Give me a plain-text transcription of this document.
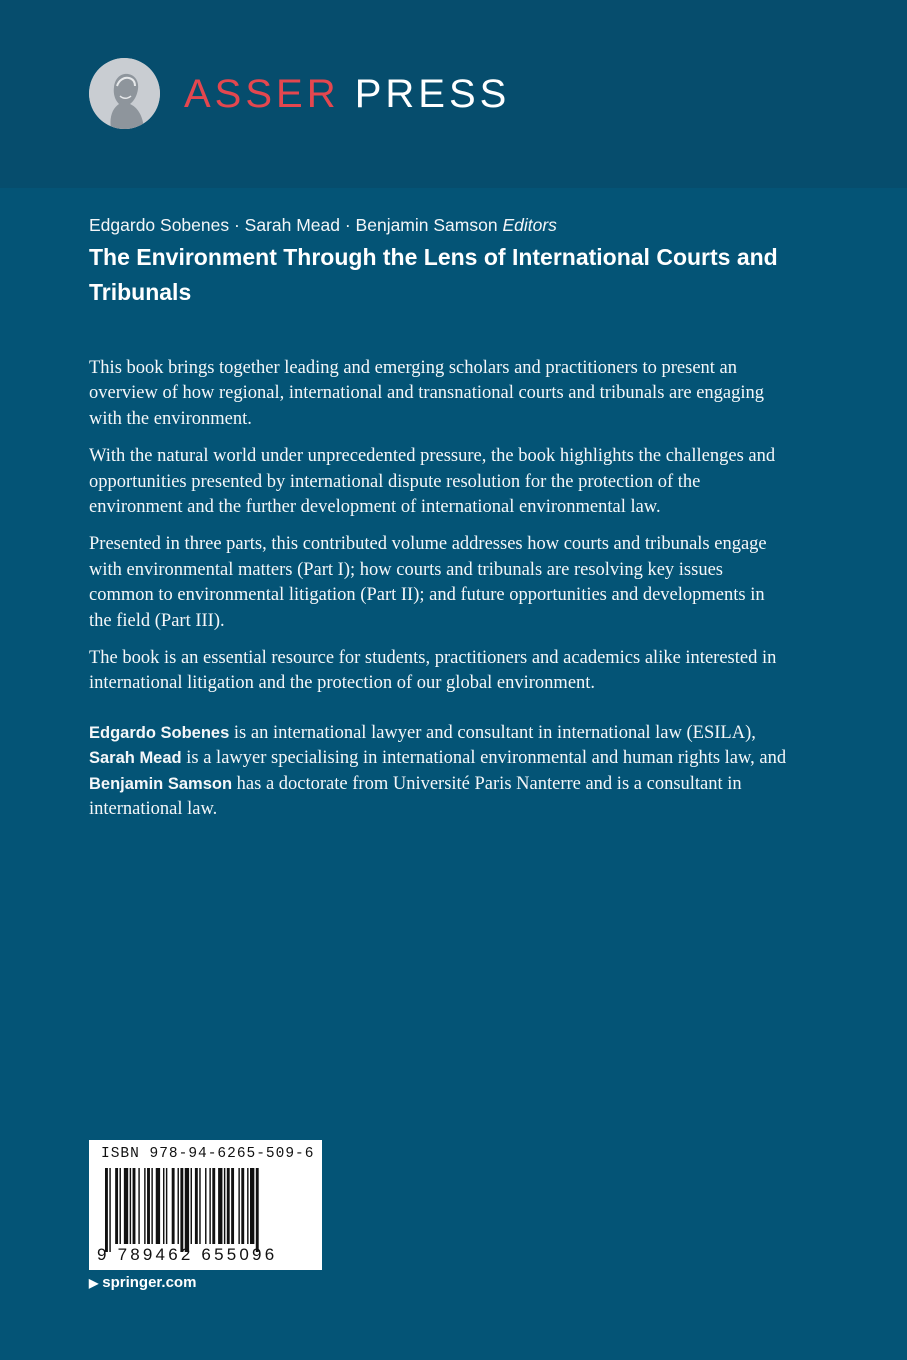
ASSER PRESS
Edgardo Sobenes · Sarah Mead · Benjamin Samson Editors
The Environment Through the Lens of International Courts and Tribunals

This book brings together leading and emerging scholars and practitioners to present an overview of how regional, international and transnational courts and tribunals are engaging with the environment.

With the natural world under unprecedented pressure, the book highlights the challenges and opportunities presented by international dispute resolution for the protection of the environment and the further development of international environmental law.

Presented in three parts, this contributed volume addresses how courts and tribunals engage with environmental matters (Part I); how courts and tribunals are resolving key issues common to environmental litigation (Part II); and future opportunities and developments in the field (Part III).

The book is an essential resource for students, practitioners and academics alike interested in international litigation and the protection of our global environment.

Edgardo Sobenes is an international lawyer and consultant in international law (ESILA), Sarah Mead is a lawyer specialising in international environmental and human rights law, and Benjamin Samson has a doctorate from Université Paris Nanterre and is a consultant in international law.

ISBN 978-94-6265-509-6
9 789462 655096
▶ springer.com
